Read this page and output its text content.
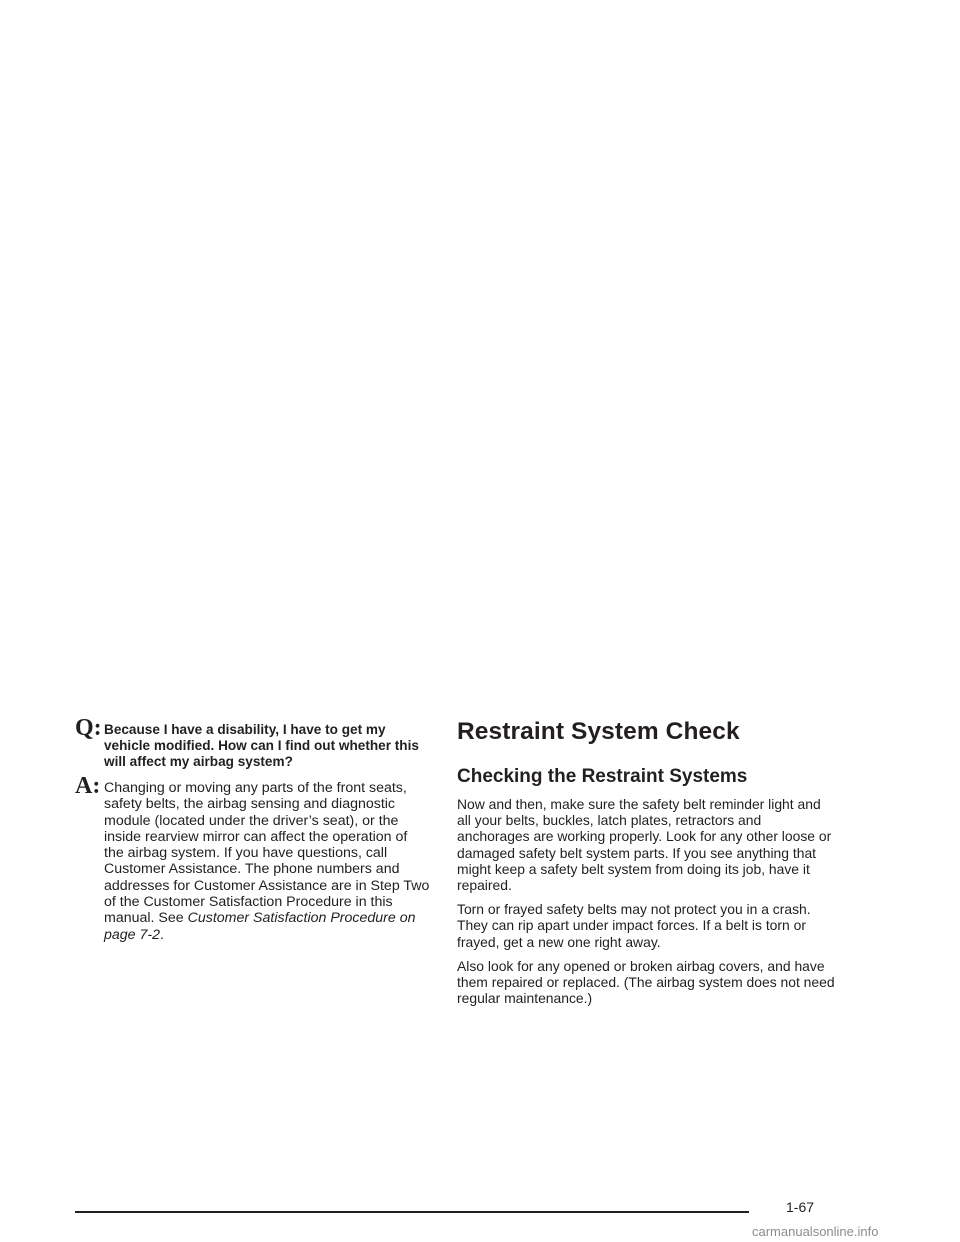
Q: Because I have a disability, I have to get my vehicle modified. How can I find out whether this will affect my airbag system?
A: Changing or moving any parts of the front seats, safety belts, the airbag sensing and diagnostic module (located under the driver’s seat), or the inside rearview mirror can affect the operation of the airbag system. If you have questions, call Customer Assistance. The phone numbers and addresses for Customer Assistance are in Step Two of the Customer Satisfaction Procedure in this manual. See Customer Satisfaction Procedure on page 7-2.
Restraint System Check
Checking the Restraint Systems

Now and then, make sure the safety belt reminder light and all your belts, buckles, latch plates, retractors and anchorages are working properly. Look for any other loose or damaged safety belt system parts. If you see anything that might keep a safety belt system from doing its job, have it repaired.

Torn or frayed safety belts may not protect you in a crash. They can rip apart under impact forces. If a belt is torn or frayed, get a new one right away.

Also look for any opened or broken airbag covers, and have them repaired or replaced. (The airbag system does not need regular maintenance.)

1-67
carmanualsonline.info
